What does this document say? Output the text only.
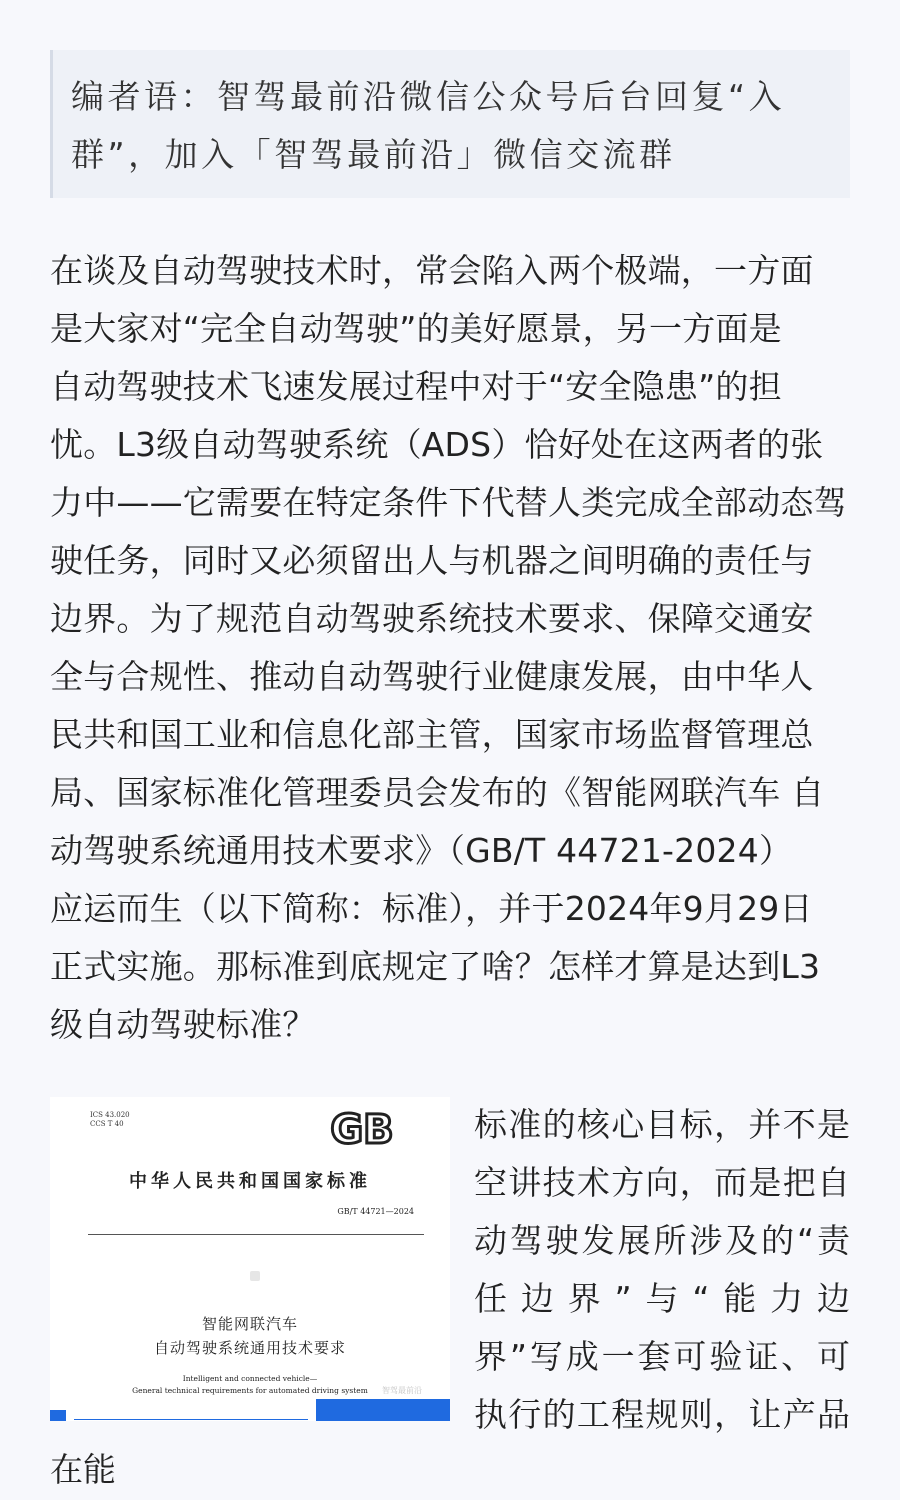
编者语：智驾最前沿微信公众号后台回复“入

群”，加入「智驾最前沿」微信交流群

在谈及自动驾驶技术时，常会陷入两个极端，一方面
是大家对“完全自动驾驶”的美好愿景，另一方面是
自动驾驶技术飞速发展过程中对于“安全隐患”的担
忧。L3级自动驾驶系统（ADS）恰好处在这两者的张
力中——它需要在特定条件下代替人类完成全部动态驾
驶任务，同时又必须留出人与机器之间明确的责任与
边界。为了规范自动驾驶系统技术要求、保障交通安
全与合规性、推动自动驾驶行业健康发展，由中华人
民共和国工业和信息化部主管，国家市场监督管理总
局、国家标准化管理委员会发布的《智能网联汽车 自
动驾驶系统通用技术要求》（GB/T 44721-2024）
应运而生（以下简称：标准），并于2024年9月29日
正式实施。那标准到底规定了啥？怎样才算是达到L3
级自动驾驶标准？

ICS 43.020
CCS T 40	GB
中华人民共和国国家标准
GB/T 44721—2024
智能网联汽车
自动驾驶系统通用技术要求
Intelligent and connected vehicle—
General technical requirements for automated driving system	智驾最前沿

标准的核心目标，并不是
空讲技术方向，而是把自
动驾驶发展所涉及的“责
任边界”与“能力边
界”写成一套可验证、可
执行的工程规则，让产品

在能
